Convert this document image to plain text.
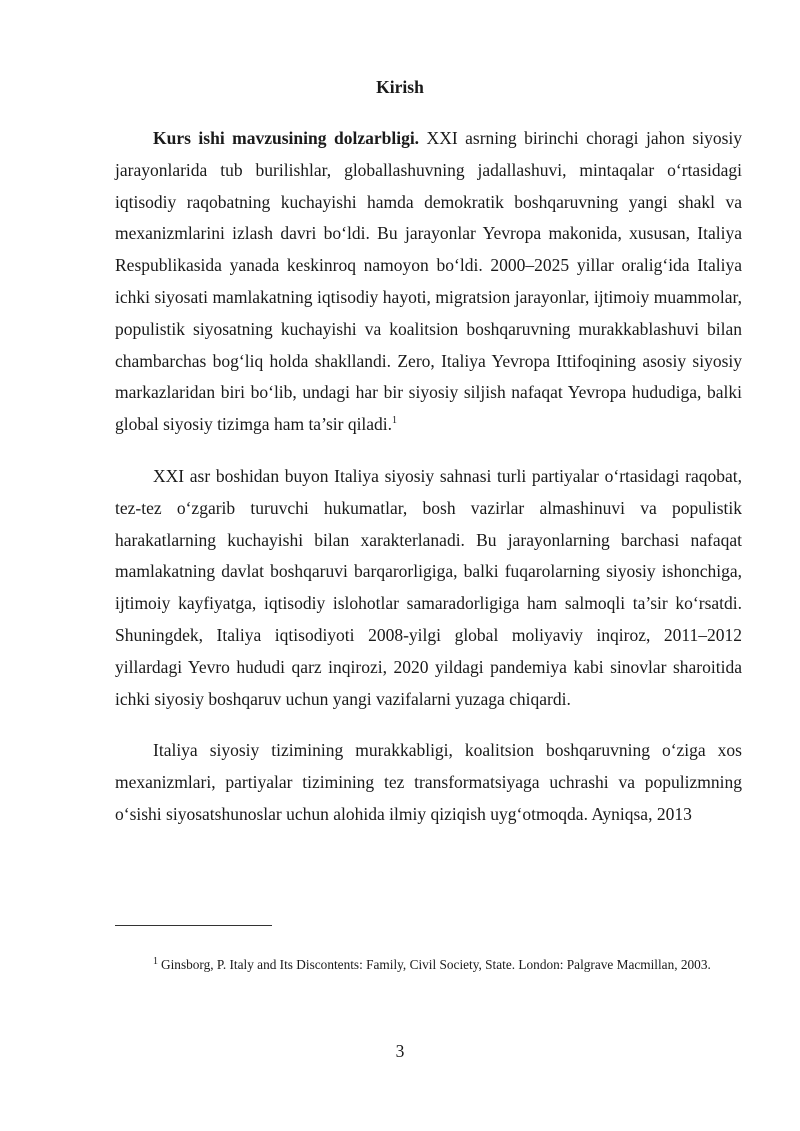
Kirish

Kurs ishi mavzusining dolzarbligi. XXI asrning birinchi choragi jahon siyosiy jarayonlarida tub burilishlar, globallashuvning jadallashuvi, mintaqalar o‘rtasidagi iqtisodiy raqobatning kuchayishi hamda demokratik boshqaruvning yangi shakl va mexanizmlarini izlash davri bo‘ldi. Bu jarayonlar Yevropa makonida, xususan, Italiya Respublikasida yanada keskinroq namoyon bo‘ldi. 2000–2025 yillar oralig‘ida Italiya ichki siyosati mamlakatning iqtisodiy hayoti, migratsion jarayonlar, ijtimoiy muammolar, populistik siyosatning kuchayishi va koalitsion boshqaruvning murakkablashuvi bilan chambarchas bog‘liq holda shakllandi. Zero, Italiya Yevropa Ittifoqining asosiy siyosiy markazlaridan biri bo‘lib, undagi har bir siyosiy siljish nafaqat Yevropa hududiga, balki global siyosiy tizimga ham ta’sir qiladi.$^1$

XXI asr boshidan buyon Italiya siyosiy sahnasi turli partiyalar o‘rtasidagi raqobat, tez-tez o‘zgarib turuvchi hukumatlar, bosh vazirlar almashinuvi va populistik harakatlarning kuchayishi bilan xarakterlanadi. Bu jarayonlarning barchasi nafaqat mamlakatning davlat boshqaruvi barqarorligiga, balki fuqarolarning siyosiy ishonchiga, ijtimoiy kayfiyatga, iqtisodiy islohotlar samaradorligiga ham salmoqli ta’sir ko‘rsatdi. Shuningdek, Italiya iqtisodiyoti 2008-yilgi global moliyaviy inqiroz, 2011–2012 yillardagi Yevro hududi qarz inqirozi, 2020 yildagi pandemiya kabi sinovlar sharoitida ichki siyosiy boshqaruv uchun yangi vazifalarni yuzaga chiqardi.

Italiya siyosiy tizimining murakkabligi, koalitsion boshqaruvning o‘ziga xos mexanizmlari, partiyalar tizimining tez transformatsiyaga uchrashi va populizmning o‘sishi siyosatshunoslar uchun alohida ilmiy qiziqish uyg‘otmoqda. Ayniqsa, 2013

$^1$ Ginsborg, P. Italy and Its Discontents: Family, Civil Society, State. London: Palgrave Macmillan, 2003.
3
